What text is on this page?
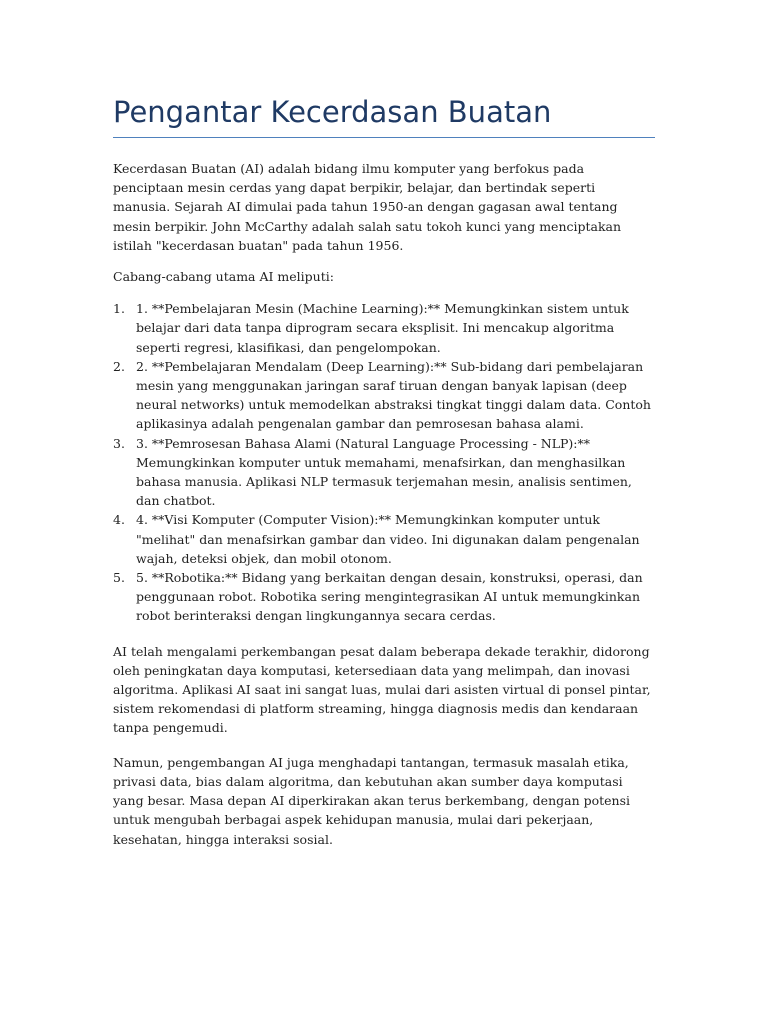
Pengantar Kecerdasan Buatan

Kecerdasan Buatan (AI) adalah bidang ilmu komputer yang berfokus pada penciptaan mesin cerdas yang dapat berpikir, belajar, dan bertindak seperti manusia. Sejarah AI dimulai pada tahun 1950-an dengan gagasan awal tentang mesin berpikir. John McCarthy adalah salah satu tokoh kunci yang menciptakan istilah "kecerdasan buatan" pada tahun 1956.

Cabang-cabang utama AI meliputi:

1. 1. **Pembelajaran Mesin (Machine Learning):** Memungkinkan sistem untuk belajar dari data tanpa diprogram secara eksplisit. Ini mencakup algoritma seperti regresi, klasifikasi, dan pengelompokan.
2. 2. **Pembelajaran Mendalam (Deep Learning):** Sub-bidang dari pembelajaran mesin yang menggunakan jaringan saraf tiruan dengan banyak lapisan (deep neural networks) untuk memodelkan abstraksi tingkat tinggi dalam data. Contoh aplikasinya adalah pengenalan gambar dan pemrosesan bahasa alami.
3. 3. **Pemrosesan Bahasa Alami (Natural Language Processing - NLP):** Memungkinkan komputer untuk memahami, menafsirkan, dan menghasilkan bahasa manusia. Aplikasi NLP termasuk terjemahan mesin, analisis sentimen, dan chatbot.
4. 4. **Visi Komputer (Computer Vision):** Memungkinkan komputer untuk "melihat" dan menafsirkan gambar dan video. Ini digunakan dalam pengenalan wajah, deteksi objek, dan mobil otonom.
5. 5. **Robotika:** Bidang yang berkaitan dengan desain, konstruksi, operasi, dan penggunaan robot. Robotika sering mengintegrasikan AI untuk memungkinkan robot berinteraksi dengan lingkungannya secara cerdas.

AI telah mengalami perkembangan pesat dalam beberapa dekade terakhir, didorong oleh peningkatan daya komputasi, ketersediaan data yang melimpah, dan inovasi algoritma. Aplikasi AI saat ini sangat luas, mulai dari asisten virtual di ponsel pintar, sistem rekomendasi di platform streaming, hingga diagnosis medis dan kendaraan tanpa pengemudi.

Namun, pengembangan AI juga menghadapi tantangan, termasuk masalah etika, privasi data, bias dalam algoritma, dan kebutuhan akan sumber daya komputasi yang besar. Masa depan AI diperkirakan akan terus berkembang, dengan potensi untuk mengubah berbagai aspek kehidupan manusia, mulai dari pekerjaan, kesehatan, hingga interaksi sosial.
